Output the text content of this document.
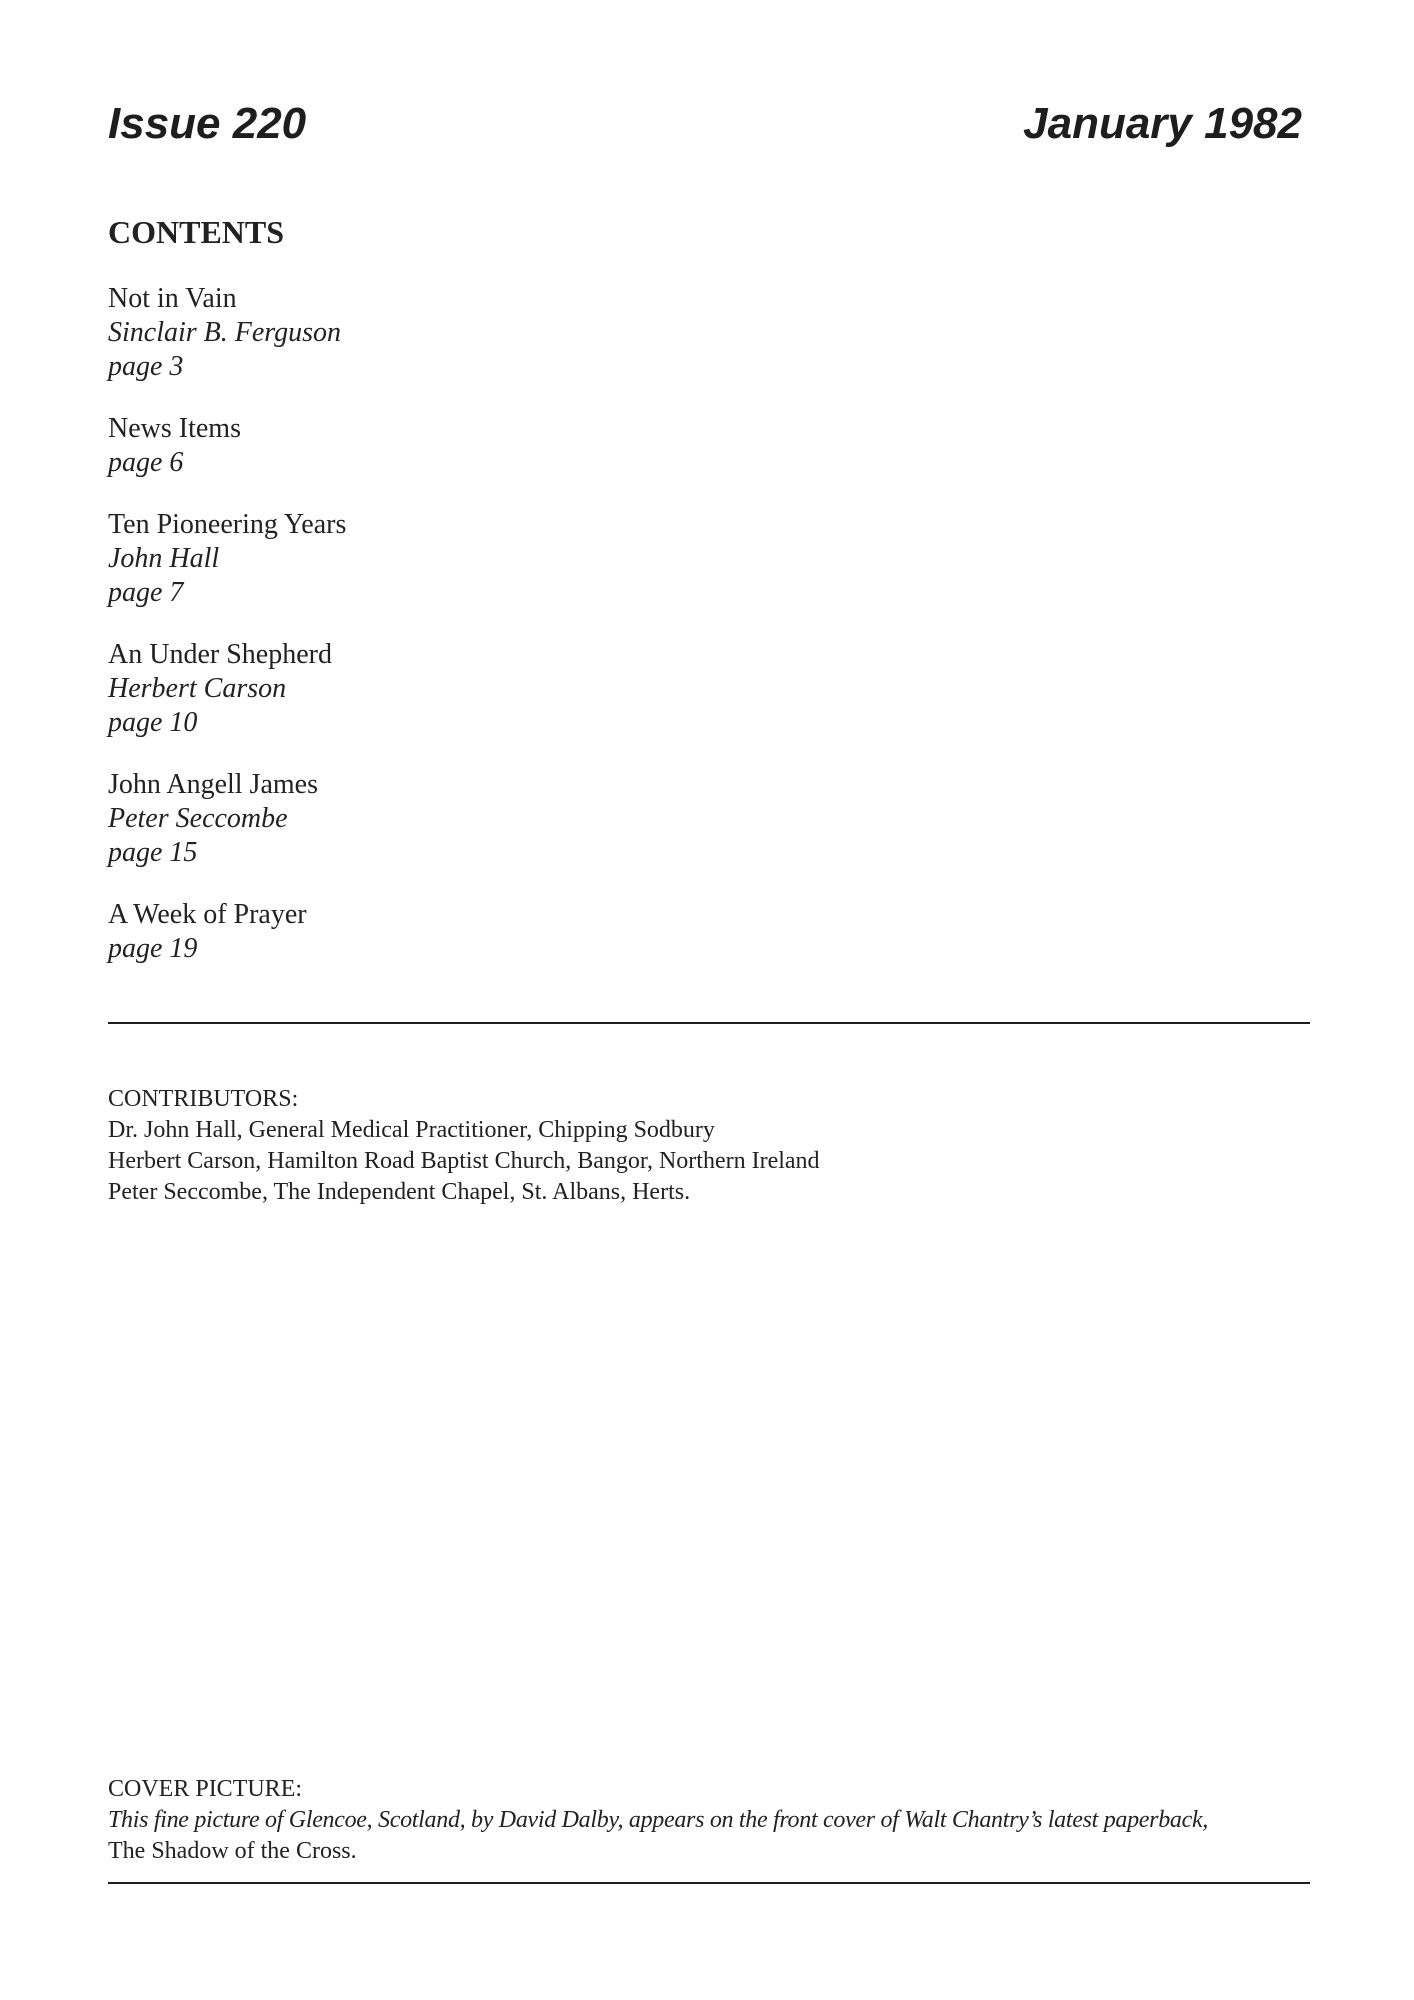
Issue 220	January 1982
CONTENTS
Not in Vain
Sinclair B. Ferguson
page 3
News Items
page 6
Ten Pioneering Years
John Hall
page 7
An Under Shepherd
Herbert Carson
page 10
John Angell James
Peter Seccombe
page 15
A Week of Prayer
page 19
CONTRIBUTORS:
Dr. John Hall, General Medical Practitioner, Chipping Sodbury
Herbert Carson, Hamilton Road Baptist Church, Bangor, Northern Ireland
Peter Seccombe, The Independent Chapel, St. Albans, Herts.
COVER PICTURE:
This fine picture of Glencoe, Scotland, by David Dalby, appears on the front cover of Walt Chantry’s latest paperback,
The Shadow of the Cross.
